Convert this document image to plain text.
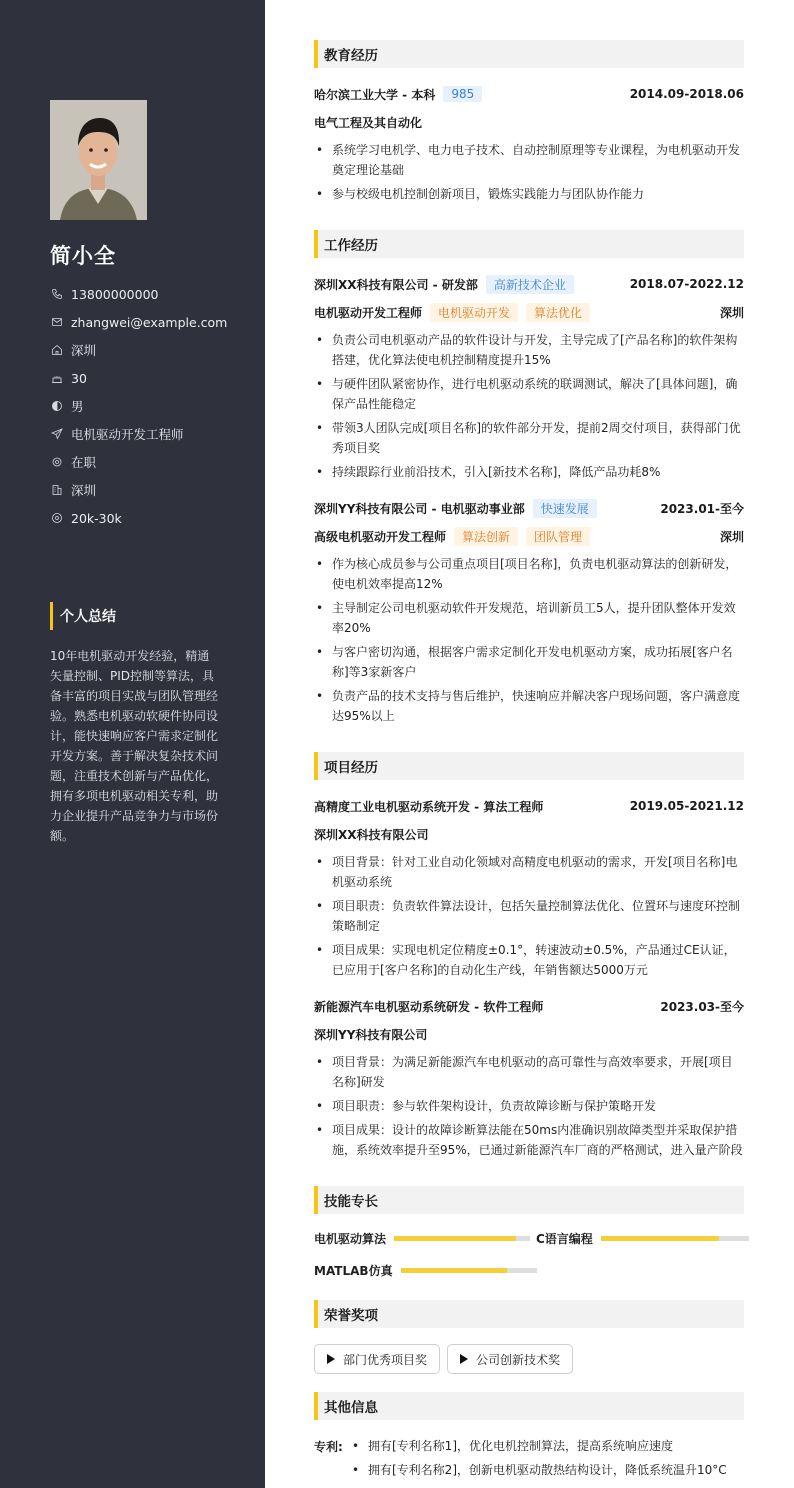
简小全
13800000000
zhangwei@example.com
深圳
30
男
电机驱动开发工程师
在职
深圳
20k-30k
个人总结
10年电机驱动开发经验，精通矢量控制、PID控制等算法，具备丰富的项目实战与团队管理经验。熟悉电机驱动软硬件协同设计，能快速响应客户需求定制化开发方案。善于解决复杂技术问题，注重技术创新与产品优化，拥有多项电机驱动相关专利，助力企业提升产品竞争力与市场份额。
教育经历
哈尔滨工业大学 - 本科	985	2014.09-2018.06
电气工程及其自动化
• 系统学习电机学、电力电子技术、自动控制原理等专业课程，为电机驱动开发奠定理论基础
• 参与校级电机控制创新项目，锻炼实践能力与团队协作能力
工作经历
深圳XX科技有限公司 - 研发部	高新技术企业	2018.07-2022.12
电机驱动开发工程师	电机驱动开发	算法优化	深圳
• 负责公司电机驱动产品的软件设计与开发，主导完成了[产品名称]的软件架构搭建，优化算法使电机控制精度提升15%
• 与硬件团队紧密协作，进行电机驱动系统的联调测试，解决了[具体问题]，确保产品性能稳定
• 带领3人团队完成[项目名称]的软件部分开发，提前2周交付项目，获得部门优秀项目奖
• 持续跟踪行业前沿技术，引入[新技术名称]，降低产品功耗8%
深圳YY科技有限公司 - 电机驱动事业部	快速发展	2023.01-至今
高级电机驱动开发工程师	算法创新	团队管理	深圳
• 作为核心成员参与公司重点项目[项目名称]，负责电机驱动算法的创新研发，使电机效率提高12%
• 主导制定公司电机驱动软件开发规范，培训新员工5人，提升团队整体开发效率20%
• 与客户密切沟通，根据客户需求定制化开发电机驱动方案，成功拓展[客户名称]等3家新客户
• 负责产品的技术支持与售后维护，快速响应并解决客户现场问题，客户满意度达95%以上
项目经历
高精度工业电机驱动系统开发 - 算法工程师	2019.05-2021.12
深圳XX科技有限公司
• 项目背景：针对工业自动化领域对高精度电机驱动的需求，开发[项目名称]电机驱动系统
• 项目职责：负责软件算法设计，包括矢量控制算法优化、位置环与速度环控制策略制定
• 项目成果：实现电机定位精度±0.1°，转速波动±0.5%，产品通过CE认证，已应用于[客户名称]的自动化生产线，年销售额达5000万元
新能源汽车电机驱动系统研发 - 软件工程师	2023.03-至今
深圳YY科技有限公司
• 项目背景：为满足新能源汽车电机驱动的高可靠性与高效率要求，开展[项目名称]研发
• 项目职责：参与软件架构设计，负责故障诊断与保护策略开发
• 项目成果：设计的故障诊断算法能在50ms内准确识别故障类型并采取保护措施，系统效率提升至95%，已通过新能源汽车厂商的严格测试，进入量产阶段
技能专长
电机驱动算法	C语言编程
MATLAB仿真
荣誉奖项
部门优秀项目奖	公司创新技术奖
其他信息
专利:
•	拥有[专利名称1]，优化电机控制算法，提高系统响应速度
• 拥有[专利名称2]，创新电机驱动散热结构设计，降低系统温升10°C
